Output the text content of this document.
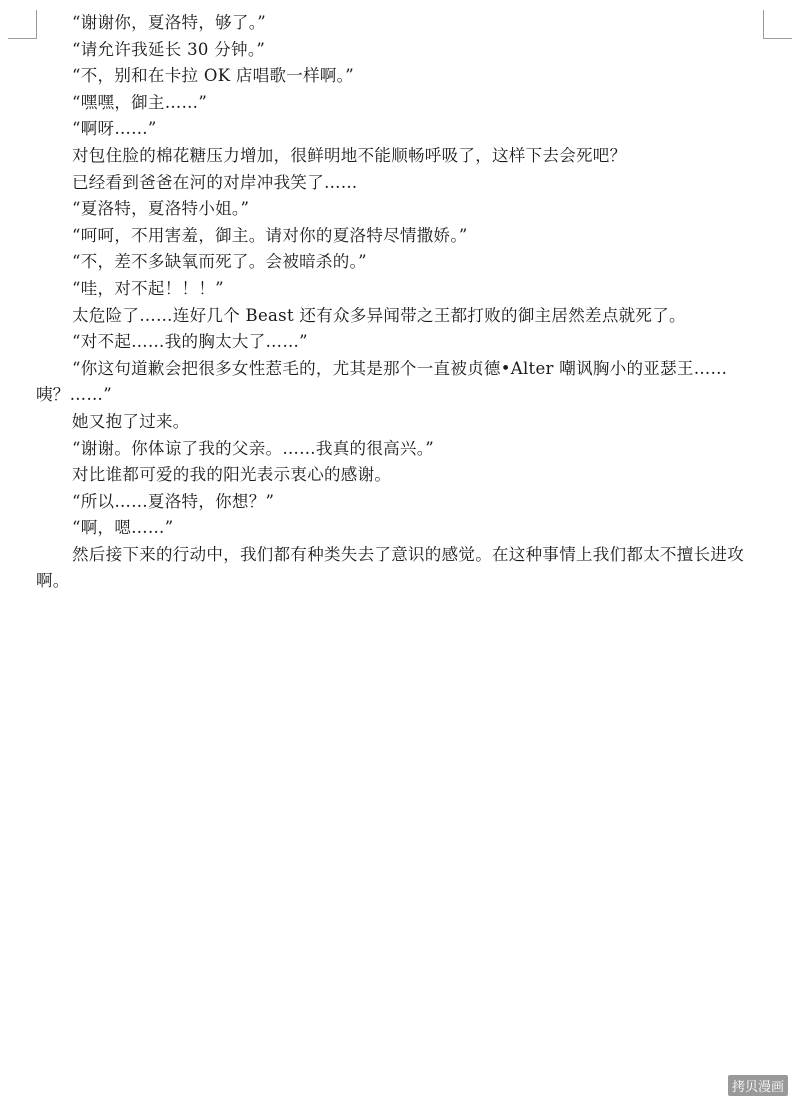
“谢谢你，夏洛特，够了。”

“请允许我延长 30 分钟。”

“不，别和在卡拉 OK 店唱歌一样啊。”

“嘿嘿，御主……”

“啊呀……”

对包住脸的棉花糖压力增加，很鲜明地不能顺畅呼吸了，这样下去会死吧？

已经看到爸爸在河的对岸冲我笑了……

“夏洛特，夏洛特小姐。”

“呵呵，不用害羞，御主。请对你的夏洛特尽情撒娇。”

“不，差不多缺氧而死了。会被暗杀的。”

“哇，对不起！！！”

太危险了……连好几个 Beast 还有众多异闻带之王都打败的御主居然差点就死了。

“对不起……我的胸太大了……”

“你这句道歉会把很多女性惹毛的，尤其是那个一直被贞德•Alter 嘲讽胸小的亚瑟王……咦？……”

她又抱了过来。

“谢谢。你体谅了我的父亲。……我真的很高兴。”

对比谁都可爱的我的阳光表示衷心的感谢。

“所以……夏洛特，你想？”

“啊，嗯……”

然后接下来的行动中，我们都有种类失去了意识的感觉。在这种事情上我们都太不擅长进攻啊。

拷贝漫画
